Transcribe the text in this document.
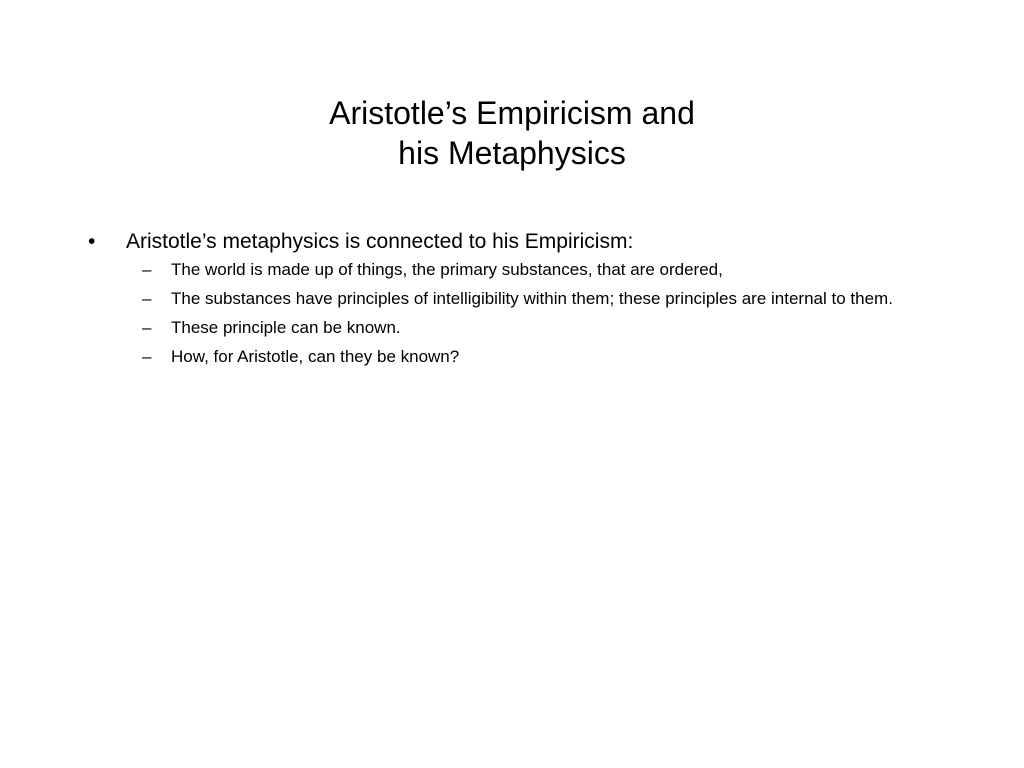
Aristotle’s Empiricism and
his Metaphysics
• Aristotle’s metaphysics is connected to his Empiricism:
– The world is made up of things, the primary substances, that are ordered,
– The substances have principles of intelligibility within them; these principles are internal to them.
– These principle can be known.
– How, for Aristotle, can they be known?
